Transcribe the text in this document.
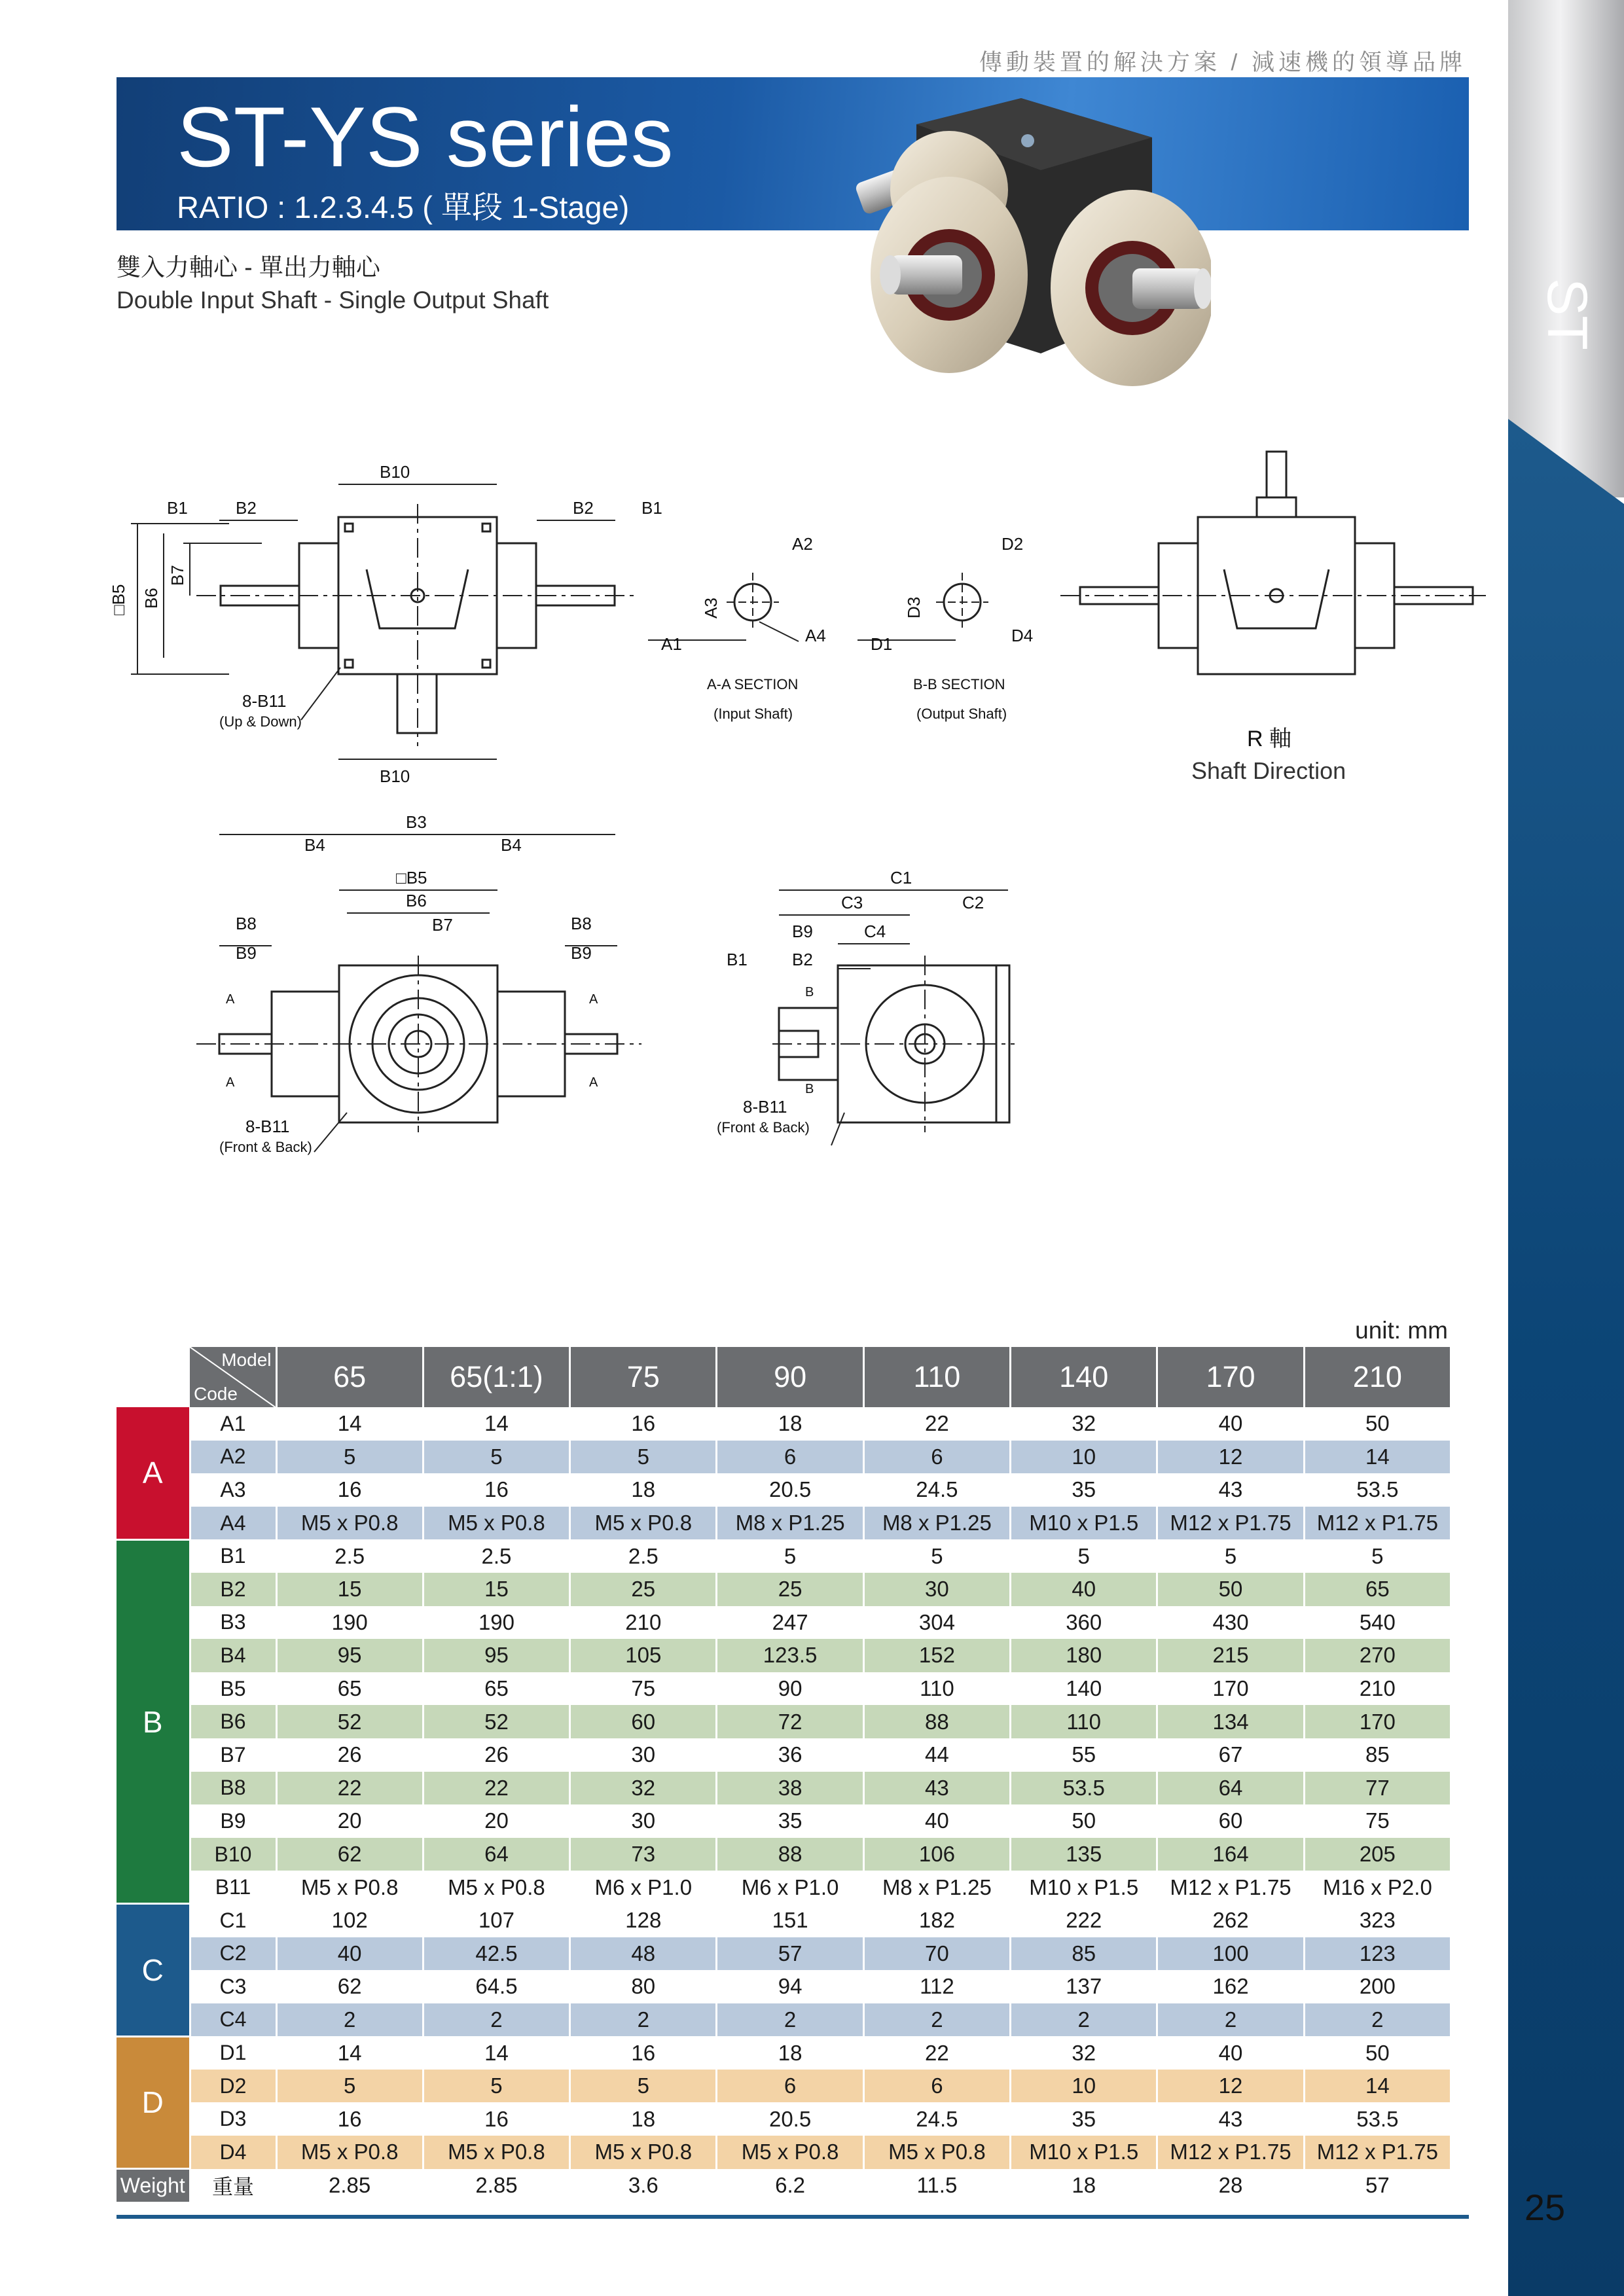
ST
傳動裝置的解決方案 / 減速機的領導品牌
ST-YS series
RATIO : 1.2.3.4.5 ( 單段 1-Stage)
雙入力軸心 - 單出力軸心
Double Input Shaft - Single Output Shaft
B10
B10
B1	B2	B2	B1
□B5 B6
B7
8-B11
(Up & Down)
A2
A3
A4
A1
A-A SECTION
(Input Shaft)
D2
D3
D4
D1
B-B SECTION
(Output Shaft)
R 軸
Shaft Direction
B3
B4	B4
□B5
B6
B7
B8
B9
B8
B9
A
A
A
A
8-B11
(Front & Back)
C1
C3	C2
B9	C4
B1	B2
B
B
8-B11
(Front & Back)
unit: mm

	Model
Code	65	65(1:1)	75	90	110	140	170	210
A	A1	14	14	16	18	22	32	40	50
	A2	5	5	5	6	6	10	12	14
	A3	16	16	18	20.5	24.5	35	43	53.5
	A4	M5 x P0.8	M5 x P0.8	M5 x P0.8	M8 x P1.25	M8 x P1.25	M10 x P1.5	M12 x P1.75	M12 x P1.75
B	B1	2.5	2.5	2.5	5	5	5	5	5
	B2	15	15	25	25	30	40	50	65
	B3	190	190	210	247	304	360	430	540
	B4	95	95	105	123.5	152	180	215	270
	B5	65	65	75	90	110	140	170	210
	B6	52	52	60	72	88	110	134	170
	B7	26	26	30	36	44	55	67	85
	B8	22	22	32	38	43	53.5	64	77
	B9	20	20	30	35	40	50	60	75
	B10	62	64	73	88	106	135	164	205
	B11	M5 x P0.8	M5 x P0.8	M6 x P1.0	M6 x P1.0	M8 x P1.25	M10 x P1.5	M12 x P1.75	M16 x P2.0
C	C1	102	107	128	151	182	222	262	323
	C2	40	42.5	48	57	70	85	100	123
	C3	62	64.5	80	94	112	137	162	200
	C4	2	2	2	2	2	2	2	2
D	D1	14	14	16	18	22	32	40	50
	D2	5	5	5	6	6	10	12	14
	D3	16	16	18	20.5	24.5	35	43	53.5
	D4	M5 x P0.8	M5 x P0.8	M5 x P0.8	M5 x P0.8	M5 x P0.8	M10 x P1.5	M12 x P1.75	M12 x P1.75
Weight	重量	2.85	2.85	3.6	6.2	11.5	18	28	57
25
